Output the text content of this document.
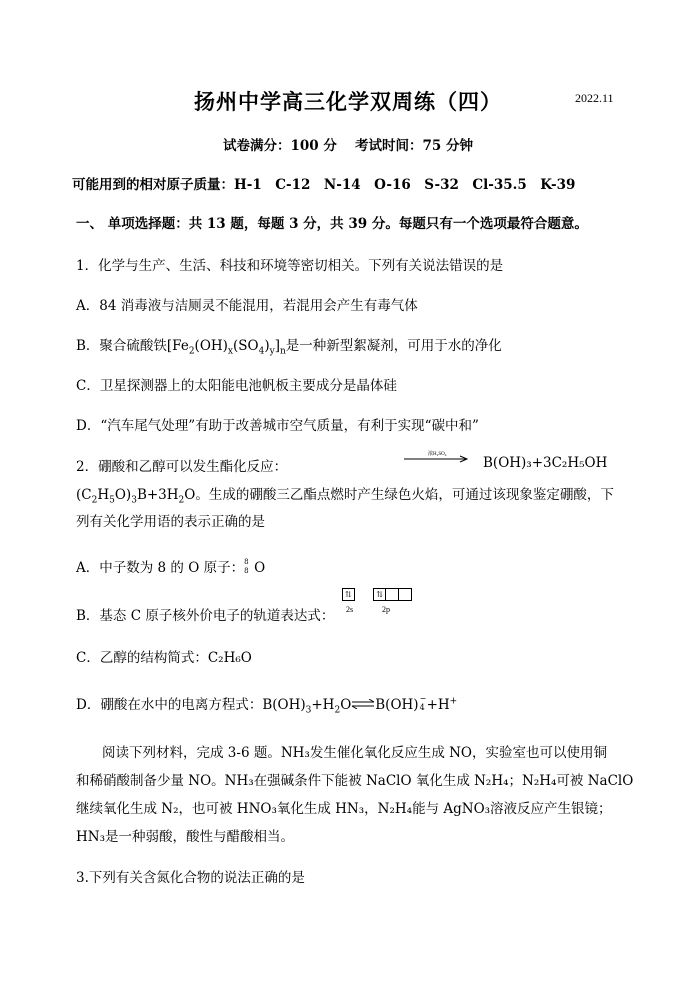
扬州中学高三化学双周练（四）	2022.11
试卷满分：100 分　 考试时间：75 分钟
可能用到的相对原子质量：H-1　C-12　N-14　O-16　S-32　Cl-35.5　K-39
一、 单项选择题：共 13 题，每题 3 分，共 39 分。每题只有一个选项最符合题意。
1．化学与生产、生活、科技和环境等密切相关。下列有关说法错误的是
A．84 消毒液与洁厕灵不能混用，若混用会产生有毒气体
B．聚合硫酸铁$[Fe_2(OH)_x(SO_4)_y]_n$是一种新型絮凝剂，可用于水的净化
C．卫星探测器上的太阳能电池帆板主要成分是晶体硅
D．“汽车尾气处理”有助于改善城市空气质量，有利于实现“碳中和”
2．硼酸和乙醇可以发生酯化反应：
浓H₂SO₄
B(OH)₃+3C₂H₅OH
$(C_2H_5O)_3B+3H_2O$。生成的硼酸三乙酯点燃时产生绿色火焰，可通过该现象鉴定硼酸，下
列有关化学用语的表示正确的是
A．中子数为 8 的 O 原子： 8
8 O
B．基态 C 原子核外价电子的轨道表达式：
⇅	⇅
2s	2p
C．乙醇的结构简式：C₂H₆O
D．硼酸在水中的电离方程式：$B(OH)_3+H_2O$ B(OH) −
4 +H+
阅读下列材料，完成 3-6 题。NH₃发生催化氧化反应生成 NO，实验室也可以使用铜
和稀硝酸制备少量 NO。NH₃在强碱条件下能被 NaClO 氧化生成 N₂H₄；N₂H₄可被 NaClO
继续氧化生成 N₂，也可被 HNO₃氧化生成 HN₃，N₂H₄能与 AgNO₃溶液反应产生银镜；
HN₃是一种弱酸，酸性与醋酸相当。
3.下列有关含氮化合物的说法正确的是
